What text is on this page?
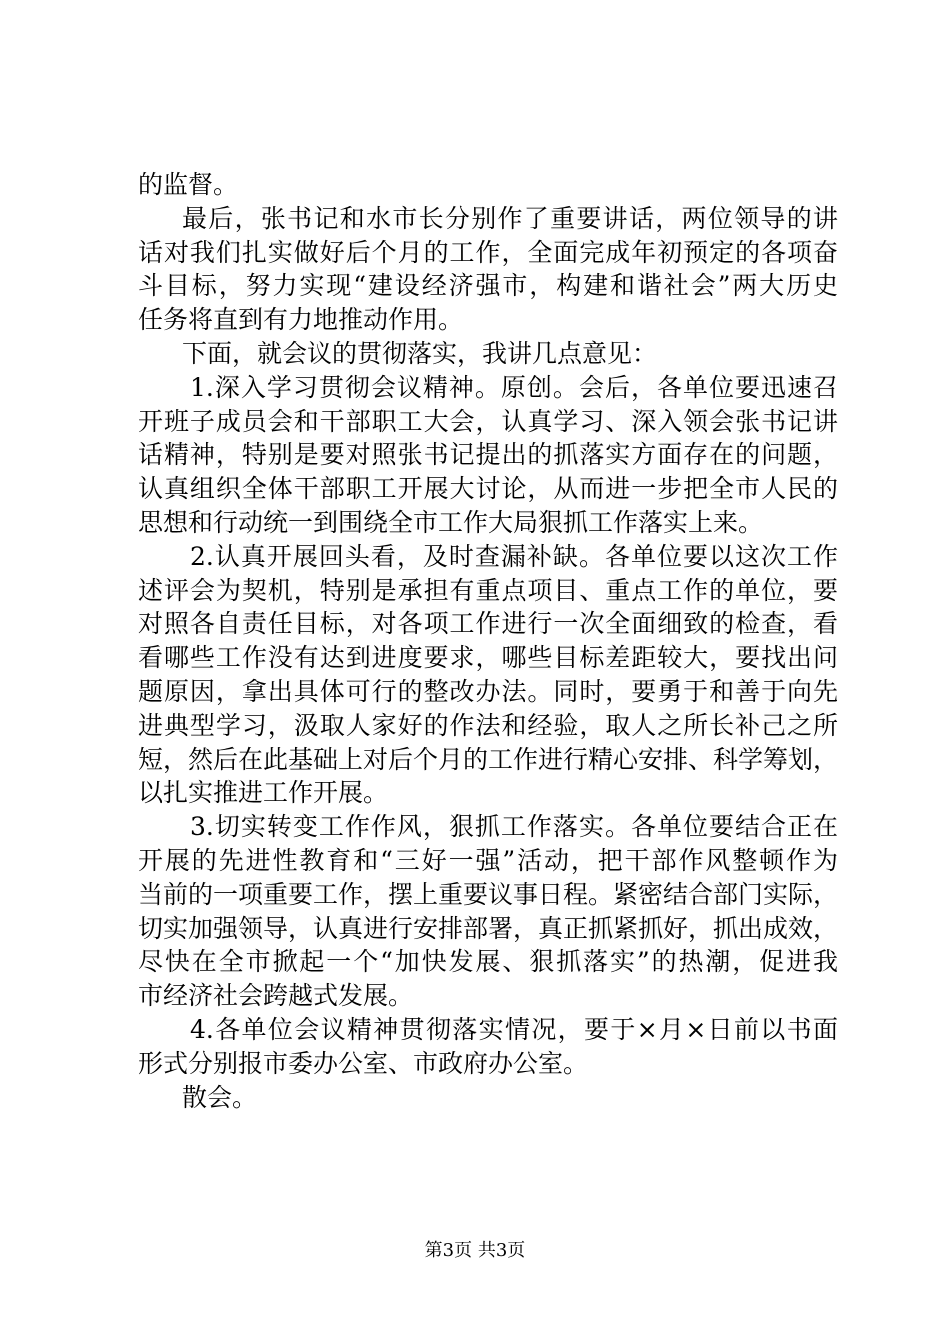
的监督。
最后，张书记和水市长分别作了重要讲话，两位领导的讲
话对我们扎实做好后个月的工作，全面完成年初预定的各项奋
斗目标，努力实现“建设经济强市，构建和谐社会”两大历史
任务将直到有力地推动作用。
下面，就会议的贯彻落实，我讲几点意见：
1.深入学习贯彻会议精神。原创。会后，各单位要迅速召
开班子成员会和干部职工大会，认真学习、深入领会张书记讲
话精神，特别是要对照张书记提出的抓落实方面存在的问题，
认真组织全体干部职工开展大讨论，从而进一步把全市人民的
思想和行动统一到围绕全市工作大局狠抓工作落实上来。
2.认真开展回头看，及时查漏补缺。各单位要以这次工作
述评会为契机，特别是承担有重点项目、重点工作的单位，要
对照各自责任目标，对各项工作进行一次全面细致的检查，看
看哪些工作没有达到进度要求，哪些目标差距较大，要找出问
题原因，拿出具体可行的整改办法。同时，要勇于和善于向先
进典型学习，汲取人家好的作法和经验，取人之所长补己之所
短，然后在此基础上对后个月的工作进行精心安排、科学筹划，
以扎实推进工作开展。
3.切实转变工作作风，狠抓工作落实。各单位要结合正在
开展的先进性教育和“三好一强”活动，把干部作风整顿作为
当前的一项重要工作，摆上重要议事日程。紧密结合部门实际，
切实加强领导，认真进行安排部署，真正抓紧抓好，抓出成效，
尽快在全市掀起一个“加快发展、狠抓落实”的热潮，促进我
市经济社会跨越式发展。
4.各单位会议精神贯彻落实情况，要于×月×日前以书面
形式分别报市委办公室、市政府办公室。
散会。
第3页 共3页
